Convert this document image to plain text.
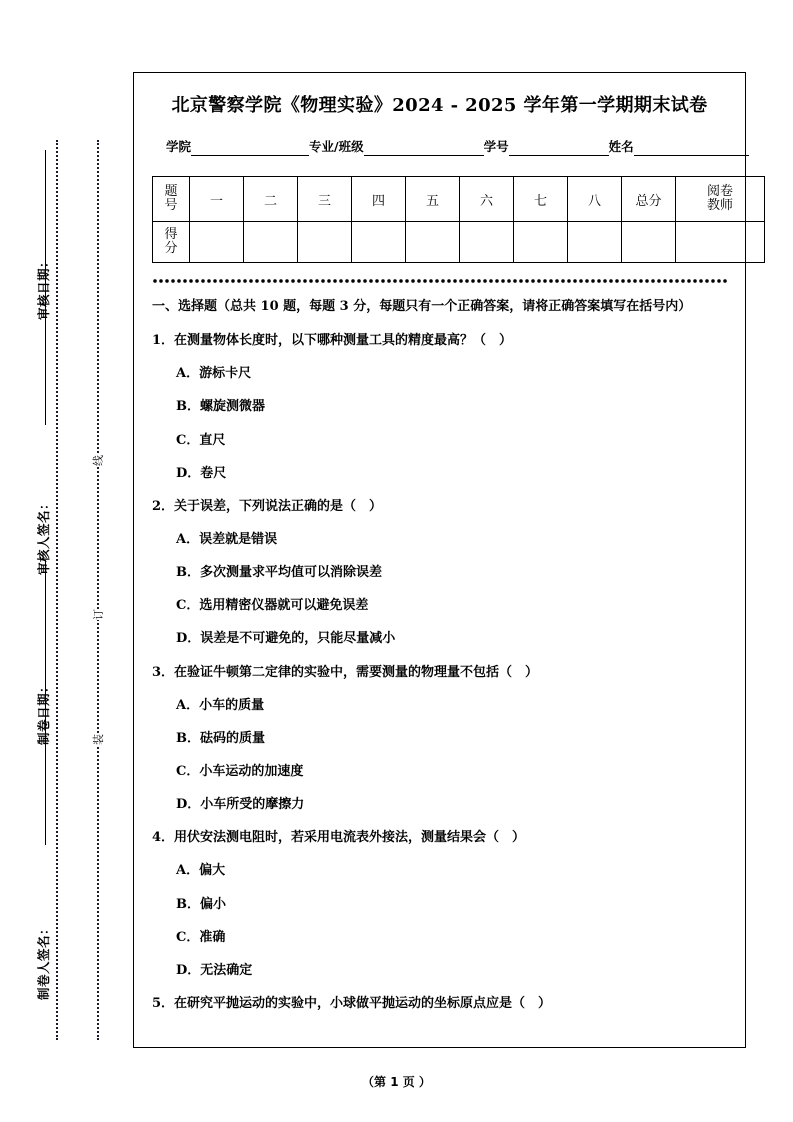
审核日期：
审核人签名：
制卷日期：
制卷人签名：
线
订
装
北京警察学院《物理实验》2024 - 2025 学年第一学期期末试卷
学院	专业/班级	学号	姓名
题
号	一	二	三	四	五	六	七	八	总分	阅卷
教师

得
分										

一、选择题（总共 10 题，每题 3 分，每题只有一个正确答案，请将正确答案填写在括号内）

1．在测量物体长度时，以下哪种测量工具的精度最高？（　）

A．游标卡尺

B．螺旋测微器

C．直尺

D．卷尺

2．关于误差，下列说法正确的是（　）

A．误差就是错误

B．多次测量求平均值可以消除误差

C．选用精密仪器就可以避免误差

D．误差是不可避免的，只能尽量减小

3．在验证牛顿第二定律的实验中，需要测量的物理量不包括（　）

A．小车的质量

B．砝码的质量

C．小车运动的加速度

D．小车所受的摩擦力

4．用伏安法测电阻时，若采用电流表外接法，测量结果会（　）

A．偏大

B．偏小

C．准确

D．无法确定

5．在研究平抛运动的实验中，小球做平抛运动的坐标原点应是（　）

（第 1 页 ）
